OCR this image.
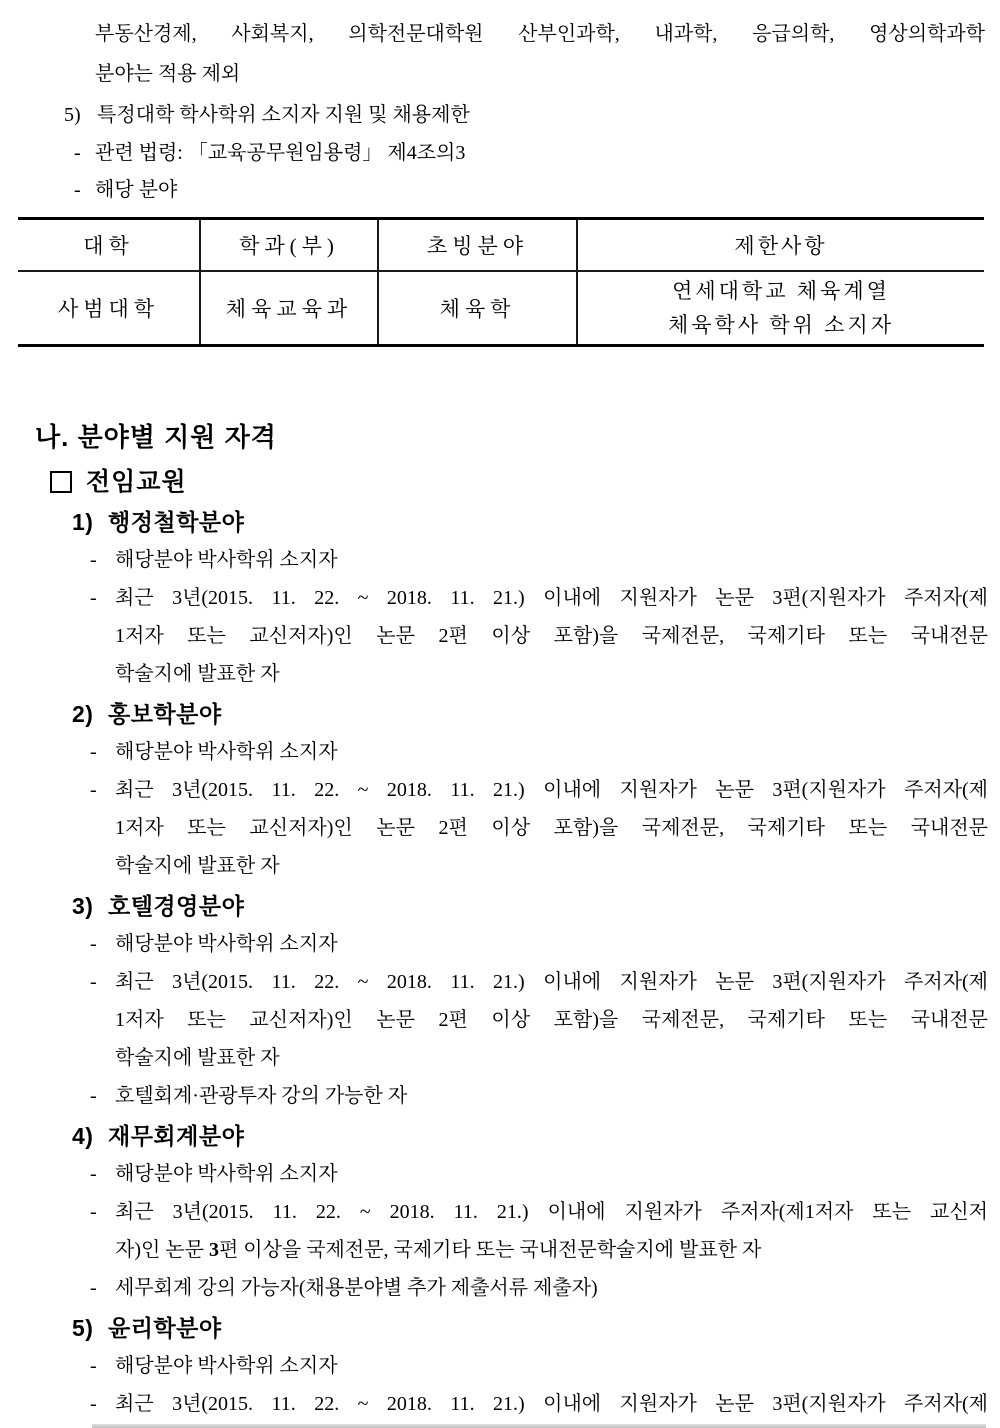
부동산경제, 사회복지, 의학전문대학원 산부인과학, 내과학, 응급의학, 영상의학과학
분야는 적용 제외
5) 특정대학 학사학위 소지자 지원 및 채용제한
- 관련 법령: 「교육공무원임용령」 제4조의3
- 해당 분야
대학	학과(부)	초빙분야	제한사항
사범대학	체육교육과	체육학	연세대학교 체육계열
체육학사 학위 소지자
나. 분야별 지원 자격
전임교원
1) 행정철학분야
- 해당분야 박사학위 소지자
- 최근 3년(2015. 11. 22. ~ 2018. 11. 21.) 이내에 지원자가 논문 3편(지원자가 주저자(제
1저자 또는 교신저자)인 논문 2편 이상 포함)을 국제전문, 국제기타 또는 국내전문
학술지에 발표한 자
2) 홍보학분야
- 해당분야 박사학위 소지자
- 최근 3년(2015. 11. 22. ~ 2018. 11. 21.) 이내에 지원자가 논문 3편(지원자가 주저자(제
1저자 또는 교신저자)인 논문 2편 이상 포함)을 국제전문, 국제기타 또는 국내전문
학술지에 발표한 자
3) 호텔경영분야
- 해당분야 박사학위 소지자
- 최근 3년(2015. 11. 22. ~ 2018. 11. 21.) 이내에 지원자가 논문 3편(지원자가 주저자(제
1저자 또는 교신저자)인 논문 2편 이상 포함)을 국제전문, 국제기타 또는 국내전문
학술지에 발표한 자
- 호텔회계·관광투자 강의 가능한 자
4) 재무회계분야
- 해당분야 박사학위 소지자
- 최근 3년(2015. 11. 22. ~ 2018. 11. 21.) 이내에 지원자가 주저자(제1저자 또는 교신저
자)인 논문 3편 이상을 국제전문, 국제기타 또는 국내전문학술지에 발표한 자
- 세무회계 강의 가능자(채용분야별 추가 제출서류 제출자)
5) 윤리학분야
- 해당분야 박사학위 소지자
- 최근 3년(2015. 11. 22. ~ 2018. 11. 21.) 이내에 지원자가 논문 3편(지원자가 주저자(제
